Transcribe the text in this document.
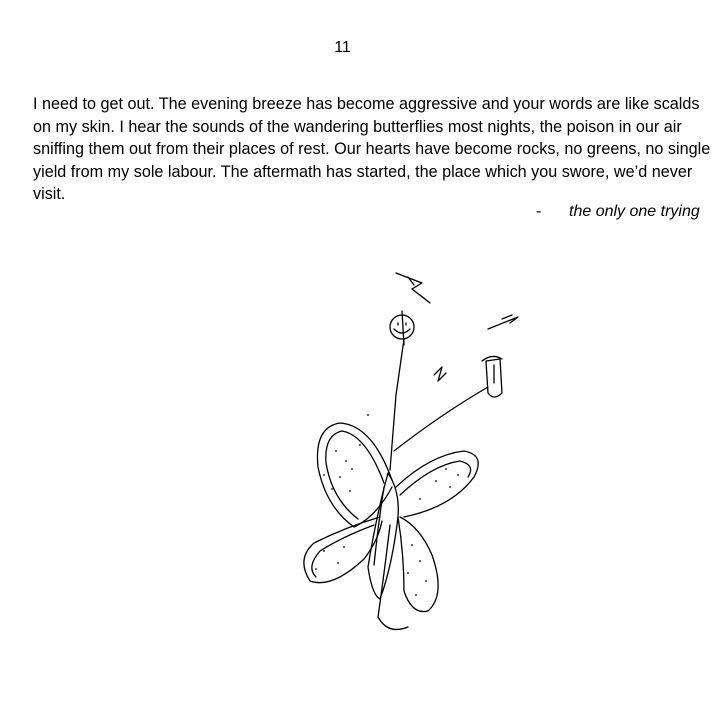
11

I need to get out. The evening breeze has become aggressive and your words are like scalds on my skin. I hear the sounds of the wandering butterflies most nights, the poison in our air sniffing them out from their places of rest. Our hearts have become rocks, no greens, no single yield from my sole labour. The aftermath has started, the place which you swore, we’d never visit.

- the only one trying
